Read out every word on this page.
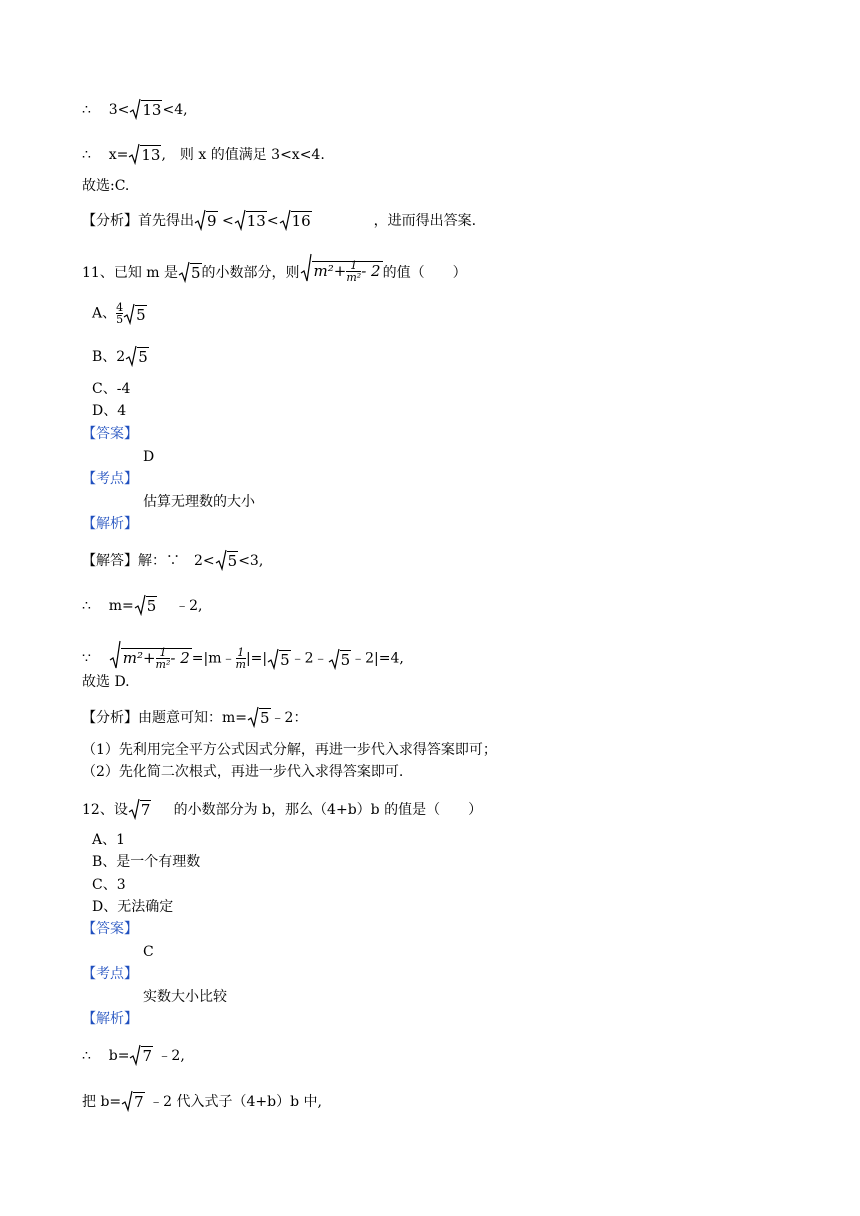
∴ 3< 13<4,
∴ x= 13,　则 x 的值满足 3<x<4.
故选:C.
【分析】首先得出 9 < 13< 16	，进而得出答案.
11、已知 m 是 5的小数部分，则 $m^2+ \frac{1}{\text{m²}} - 2$ 的值（　　）
A、 $\frac{4}{5} 5$
B、2 5
C、-4
D、4
【答案】
D
【考点】
估算无理数的大小
【解析】
【解答】解：∵　2< 5<3,
∴ m= 5 ﹣2,
∵ $m^2+ \frac{1}{\text{m²}} - 2$ =|m﹣ $\frac{1}{m}$ |=| 5﹣2﹣ 5﹣2|=4,
故选 D.
【分析】由题意可知：m= 5﹣2：
（1）先利用完全平方公式因式分解，再进一步代入求得答案即可；
（2）先化简二次根式，再进一步代入求得答案即可.
12、设 7 的小数部分为 b，那么（4+b）b 的值是（　　）
A、1
B、是一个有理数
C、3
D、无法确定
【答案】
C
【考点】
实数大小比较
【解析】
∴ b= 7 ﹣2,
把 b= 7 ﹣2 代入式子（4+b）b 中,
